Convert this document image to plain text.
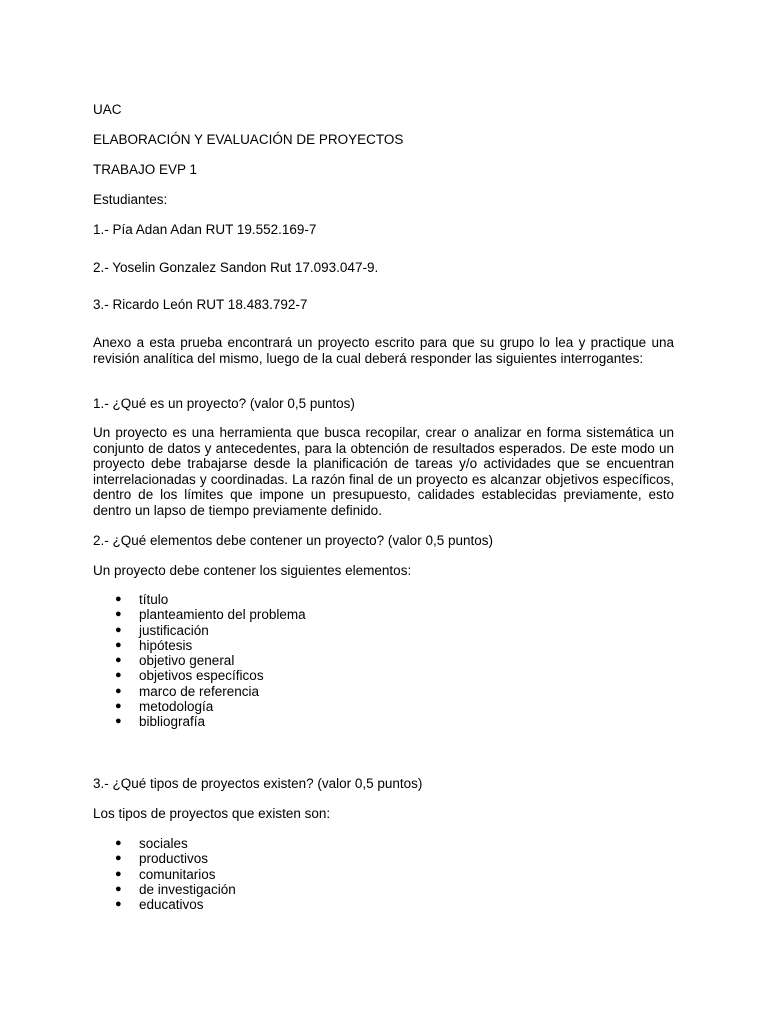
UAC

ELABORACIÓN Y EVALUACIÓN DE PROYECTOS

TRABAJO EVP 1

Estudiantes:

1.- Pía Adan Adan RUT 19.552.169-7

2.- Yoselin Gonzalez Sandon Rut 17.093.047-9.

3.- Ricardo León RUT 18.483.792-7

Anexo a esta prueba encontrará un proyecto escrito para que su grupo lo lea y practique una revisión analítica del mismo, luego de la cual deberá responder las siguientes interrogantes:

1.- ¿Qué es un proyecto? (valor 0,5 puntos)

Un proyecto es una herramienta que busca recopilar, crear o analizar en forma sistemática un conjunto de datos y antecedentes, para la obtención de resultados esperados. De este modo un proyecto debe trabajarse desde la planificación de tareas y/o actividades que se encuentran interrelacionadas y coordinadas. La razón final de un proyecto es alcanzar objetivos específicos, dentro de los límites que impone un presupuesto, calidades establecidas previamente, esto dentro un lapso de tiempo previamente definido.

2.- ¿Qué elementos debe contener un proyecto? (valor 0,5 puntos)

Un proyecto debe contener los siguientes elementos:

● título
● planteamiento del problema
● justificación
● hipótesis
● objetivo general
● objetivos específicos
● marco de referencia
● metodología
● bibliografía

3.- ¿Qué tipos de proyectos existen? (valor 0,5 puntos)

Los tipos de proyectos que existen son:

● sociales
● productivos
● comunitarios
● de investigación
● educativos
